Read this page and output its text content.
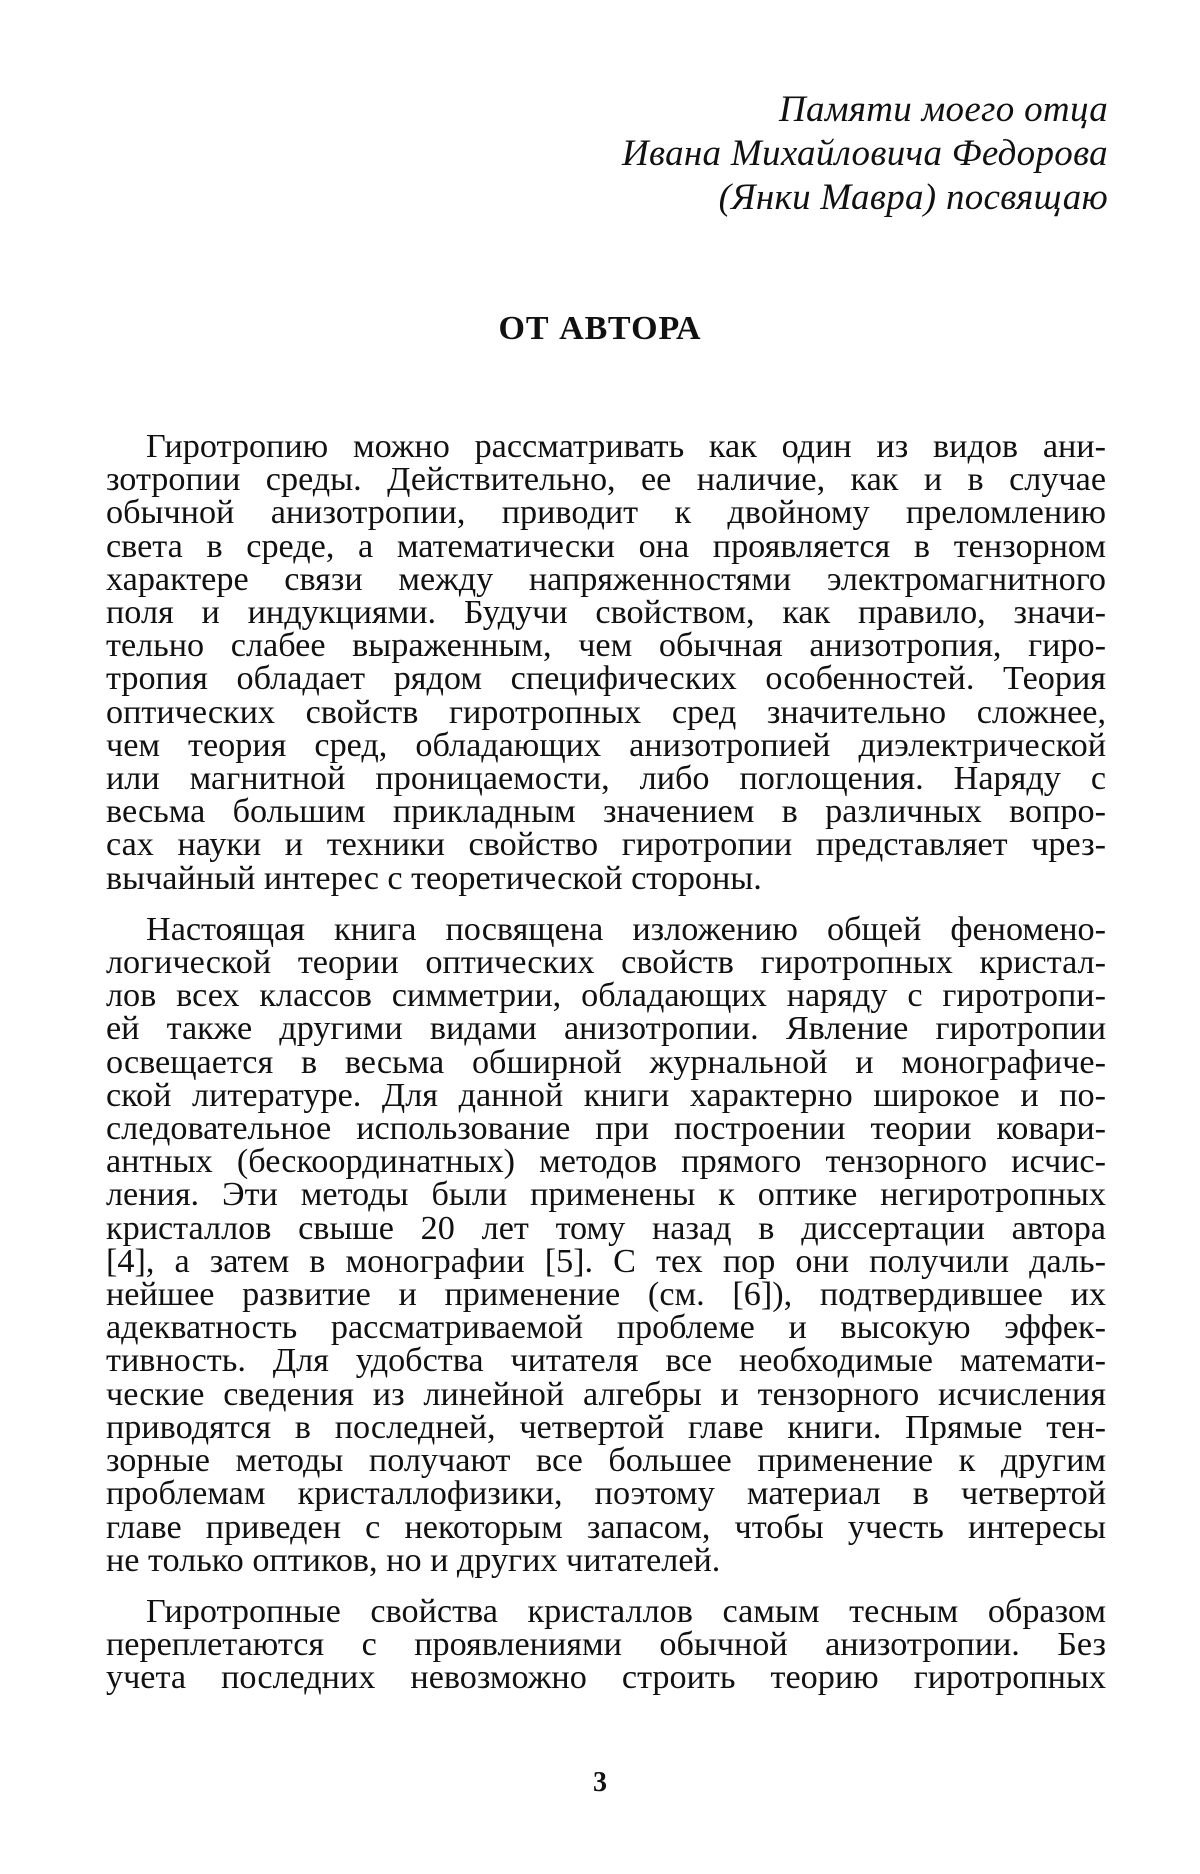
Памяти моего отца
Ивана Михайловича Федорова
(Янки Мавра) посвящаю
ОТ АВТОРА

Гиротропию можно рассматривать как один из видов ани-

зотропии среды. Действительно, ее наличие, как и в случае

обычной анизотропии, приводит к двойному преломлению

света в среде, а математически она проявляется в тензорном

характере связи между напряженностями электромагнитного

поля и индукциями. Будучи свойством, как правило, значи-

тельно слабее выраженным, чем обычная анизотропия, гиро-

тропия обладает рядом специфических особенностей. Теория

оптических свойств гиротропных сред значительно сложнее,

чем теория сред, обладающих анизотропией диэлектрической

или магнитной проницаемости, либо поглощения. Наряду с

весьма большим прикладным значением в различных вопро-

сах науки и техники свойство гиротропии представляет чрез-

вычайный интерес с теоретической стороны.

Настоящая книга посвящена изложению общей феномено-

логической теории оптических свойств гиротропных кристал-

лов всех классов симметрии, обладающих наряду с гиротропи-

ей также другими видами анизотропии. Явление гиротропии

освещается в весьма обширной журнальной и монографиче-

ской литературе. Для данной книги характерно широкое и по-

следовательное использование при построении теории ковари-

антных (бескоординатных) методов прямого тензорного исчис-

ления. Эти методы были применены к оптике негиротропных

кристаллов свыше 20 лет тому назад в диссертации автора

[4], а затем в монографии [5]. С тех пор они получили даль-

нейшее развитие и применение (см. [6]), подтвердившее их

адекватность рассматриваемой проблеме и высокую эффек-

тивность. Для удобства читателя все необходимые математи-

ческие сведения из линейной алгебры и тензорного исчисления

приводятся в последней, четвертой главе книги. Прямые тен-

зорные методы получают все большее применение к другим

проблемам кристаллофизики, поэтому материал в четвертой

главе приведен с некоторым запасом, чтобы учесть интересы

не только оптиков, но и других читателей.

Гиротропные свойства кристаллов самым тесным образом

переплетаются с проявлениями обычной анизотропии. Без

учета последних невозможно строить теорию гиротропных

3
